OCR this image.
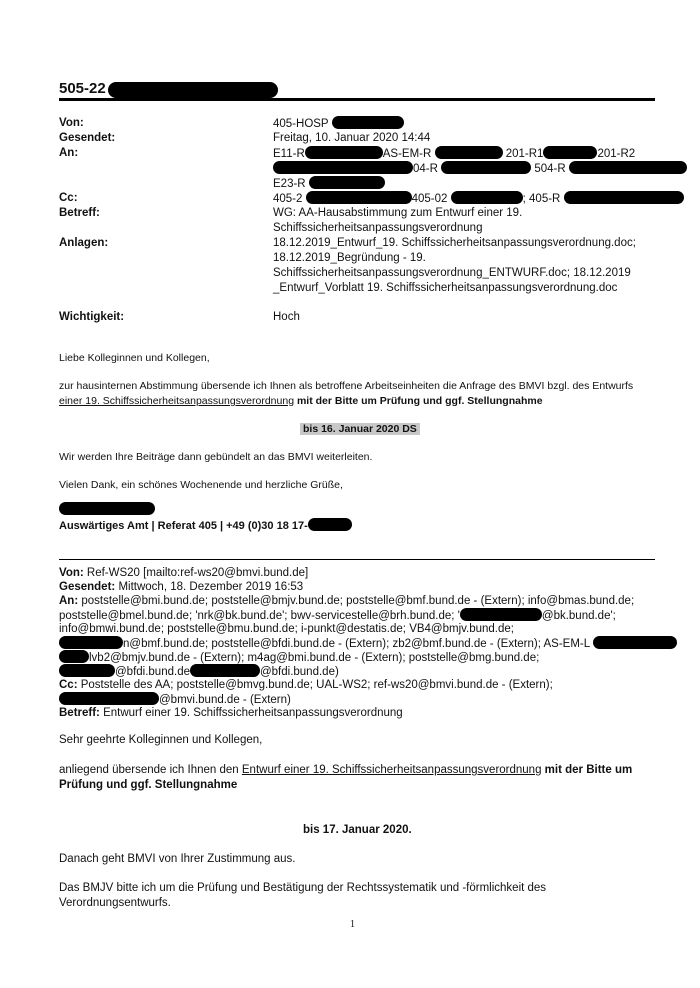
505-22
Von:	405-HOSP
Gesendet:	Freitag, 10. Januar 2020 14:44
An:	E11-R	AS-EM-R	201-R1	201-R2
04-R	504-R
E23-R
Cc:	405-2	405-02	; 405-R
Betreff:	WG: AA-Hausabstimmung zum Entwurf einer 19.
Schiffssicherheitsanpassungsverordnung
Anlagen:	18.12.2019_Entwurf_19. Schiffssicherheitsanpassungsverordnung.doc;
18.12.2019_Begründung - 19.
Schiffssicherheitsanpassungsverordnung_ENTWURF.doc; 18.12.2019
_Entwurf_Vorblatt 19. Schiffssicherheitsanpassungsverordnung.doc
Wichtigkeit:	Hoch
Liebe Kolleginnen und Kollegen,
zur hausinternen Abstimmung übersende ich Ihnen als betroffene Arbeitseinheiten die Anfrage des BMVI bzgl. des Entwurfs
einer 19. Schiffssicherheitsanpassungsverordnung mit der Bitte um Prüfung und ggf. Stellungnahme
bis 16. Januar 2020 DS
Wir werden Ihre Beiträge dann gebündelt an das BMVI weiterleiten.
Vielen Dank, ein schönes Wochenende und herzliche Grüße,
Auswärtiges Amt | Referat 405 | +49 (0)30 18 17-
Von: Ref-WS20 [mailto:ref-ws20@bmvi.bund.de]
Gesendet: Mittwoch, 18. Dezember 2019 16:53
An: poststelle@bmi.bund.de; poststelle@bmjv.bund.de; poststelle@bmf.bund.de - (Extern); info@bmas.bund.de;
poststelle@bmel.bund.de; 'nrk@bk.bund.de'; bwv-servicestelle@brh.bund.de; '	@bk.bund.de';
info@bmwi.bund.de; poststelle@bmu.bund.de; i-punkt@destatis.de; VB4@bmjv.bund.de;
n@bmf.bund.de; poststelle@bfdi.bund.de - (Extern); zb2@bmf.bund.de - (Extern); AS-EM-L
lvb2@bmjv.bund.de - (Extern); m4ag@bmi.bund.de - (Extern); poststelle@bmg.bund.de;
@bfdi.bund.de	@bfdi.bund.de)
Cc: Poststelle des AA; poststelle@bmvg.bund.de; UAL-WS2; ref-ws20@bmvi.bund.de - (Extern);
@bmvi.bund.de - (Extern)
Betreff: Entwurf einer 19. Schiffssicherheitsanpassungsverordnung
Sehr geehrte Kolleginnen und Kollegen,
anliegend übersende ich Ihnen den Entwurf einer 19. Schiffssicherheitsanpassungsverordnung mit der Bitte um
Prüfung und ggf. Stellungnahme
bis 17. Januar 2020.
Danach geht BMVI von Ihrer Zustimmung aus.
Das BMJV bitte ich um die Prüfung und Bestätigung der Rechtssystematik und -förmlichkeit des
Verordnungsentwurfs.
1
